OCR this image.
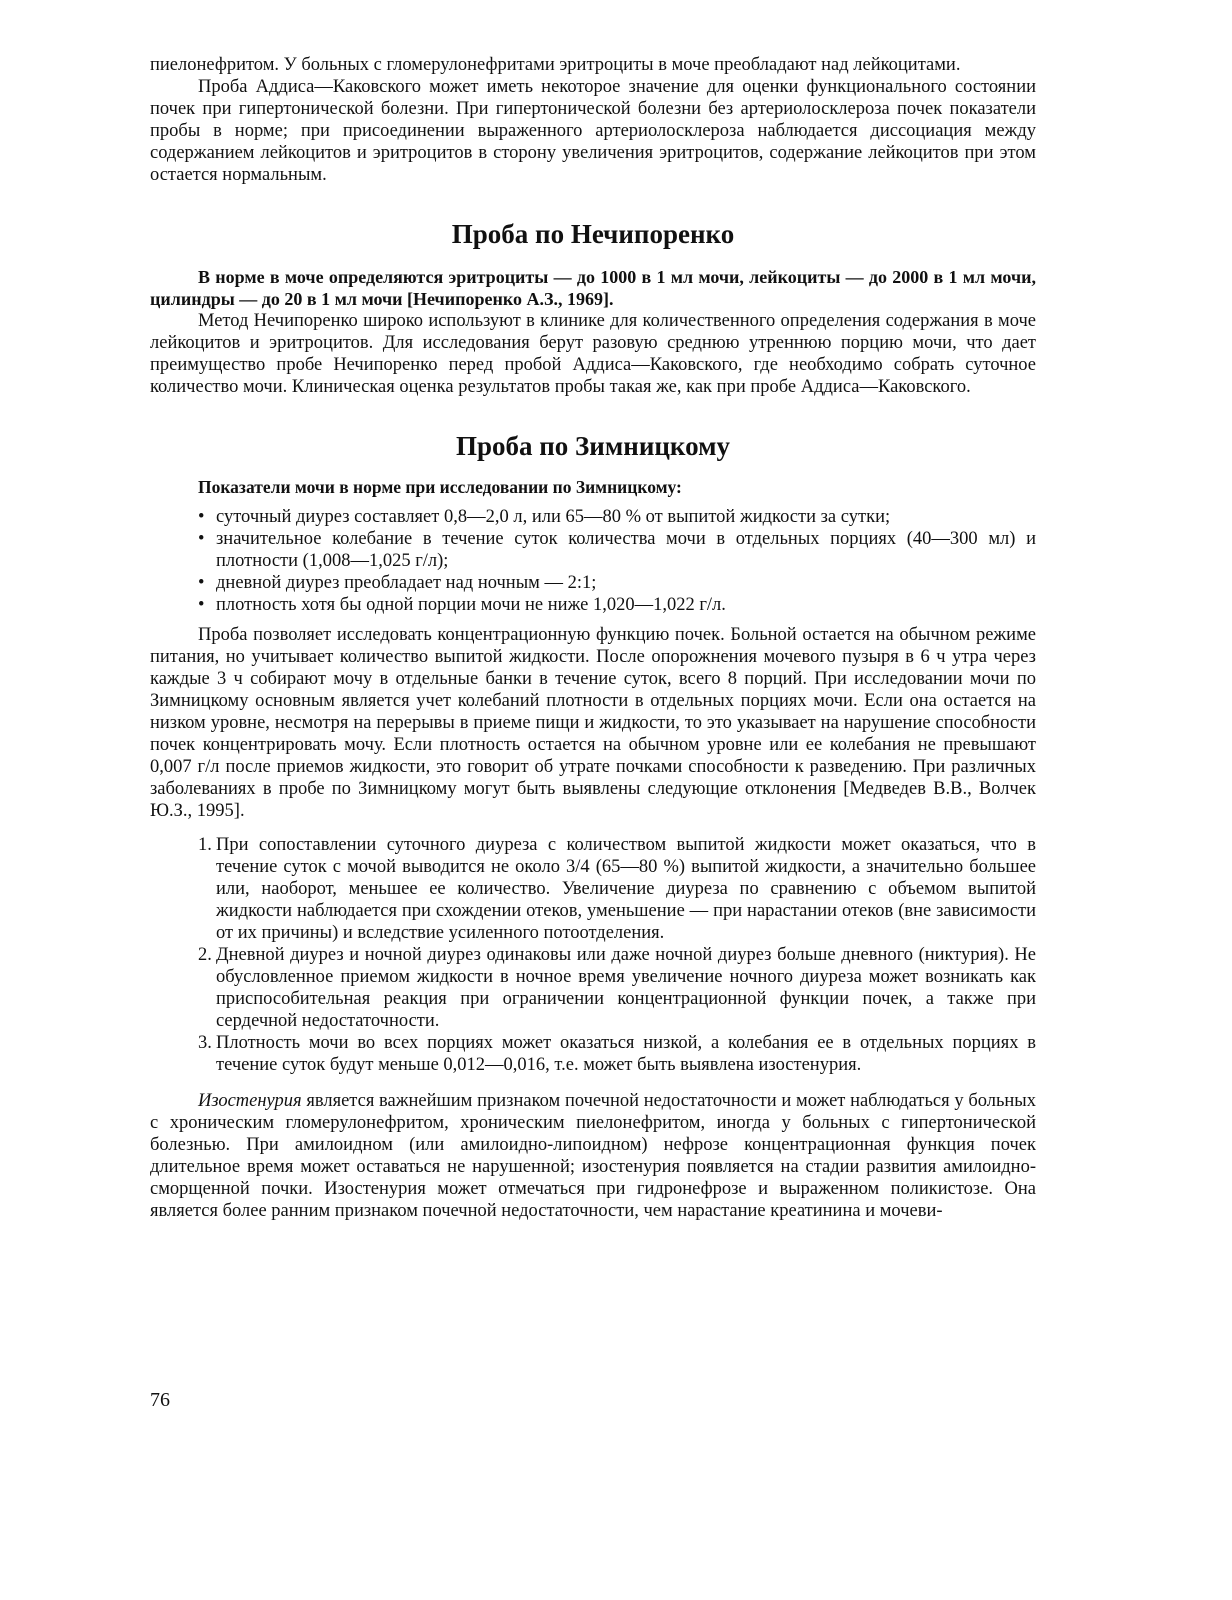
пиелонефритом. У больных с гломерулонефритами эритроциты в моче преобладают над лейкоцитами.

Проба Аддиса—Каковского может иметь некоторое значение для оценки функционального состоянии почек при гипертонической болезни. При гипертонической болезни без артериолосклероза почек показатели пробы в норме; при присоединении выраженного артериолосклероза наблюдается диссоциация между содержанием лейкоцитов и эритроцитов в сторону увеличения эритроцитов, содержание лейкоцитов при этом остается нормальным.

Проба по Нечипоренко

В норме в моче определяются эритроциты — до 1000 в 1 мл мочи, лейкоциты — до 2000 в 1 мл мочи, цилиндры — до 20 в 1 мл мочи [Нечипоренко А.З., 1969].

Метод Нечипоренко широко используют в клинике для количественного определения содержания в моче лейкоцитов и эритроцитов. Для исследования берут разовую среднюю утреннюю порцию мочи, что дает преимущество пробе Нечипоренко перед пробой Аддиса—Каковского, где необходимо собрать суточное количество мочи. Клиническая оценка результатов пробы такая же, как при пробе Аддиса—Каковского.

Проба по Зимницкому

Показатели мочи в норме при исследовании по Зимницкому:

• суточный диурез составляет 0,8—2,0 л, или 65—80 % от выпитой жидкости за сутки;
• значительное колебание в течение суток количества мочи в отдельных порциях (40—300 мл) и плотности (1,008—1,025 г/л);
• дневной диурез преобладает над ночным — 2:1;
• плотность хотя бы одной порции мочи не ниже 1,020—1,022 г/л.

Проба позволяет исследовать концентрационную функцию почек. Больной остается на обычном режиме питания, но учитывает количество выпитой жидкости. После опорожнения мочевого пузыря в 6 ч утра через каждые 3 ч собирают мочу в отдельные банки в течение суток, всего 8 порций. При исследовании мочи по Зимницкому основным является учет колебаний плотности в отдельных порциях мочи. Если она остается на низком уровне, несмотря на перерывы в приеме пищи и жидкости, то это указывает на нарушение способности почек концентрировать мочу. Если плотность остается на обычном уровне или ее колебания не превышают 0,007 г/л после приемов жидкости, это говорит об утрате почками способности к разведению. При различных заболеваниях в пробе по Зимницкому могут быть выявлены следующие отклонения [Медведев В.В., Волчек Ю.З., 1995].

1. При сопоставлении суточного диуреза с количеством выпитой жидкости может оказаться, что в течение суток с мочой выводится не около 3/4 (65—80 %) выпитой жидкости, а значительно большее или, наоборот, меньшее ее количество. Увеличение диуреза по сравнению с объемом выпитой жидкости наблюдается при схождении отеков, уменьшение — при нарастании отеков (вне зависимости от их причины) и вследствие усиленного потоотделения.
2. Дневной диурез и ночной диурез одинаковы или даже ночной диурез больше дневного (никтурия). Не обусловленное приемом жидкости в ночное время увеличение ночного диуреза может возникать как приспособительная реакция при ограничении концентрационной функции почек, а также при сердечной недостаточности.
3. Плотность мочи во всех порциях может оказаться низкой, а колебания ее в отдельных порциях в течение суток будут меньше 0,012—0,016, т.е. может быть выявлена изостенурия.

Изостенурия является важнейшим признаком почечной недостаточности и может наблюдаться у больных с хроническим гломерулонефритом, хроническим пиелонефритом, иногда у больных с гипертонической болезнью. При амилоидном (или амилоидно-липоидном) нефрозе концентрационная функция почек длительное время может оставаться не нарушенной; изостенурия появляется на стадии развития амилоидно-сморщенной почки. Изостенурия может отмечаться при гидронефрозе и выраженном поликистозе. Она является более ранним признаком почечной недостаточности, чем нарастание креатинина и мочеви-

76
